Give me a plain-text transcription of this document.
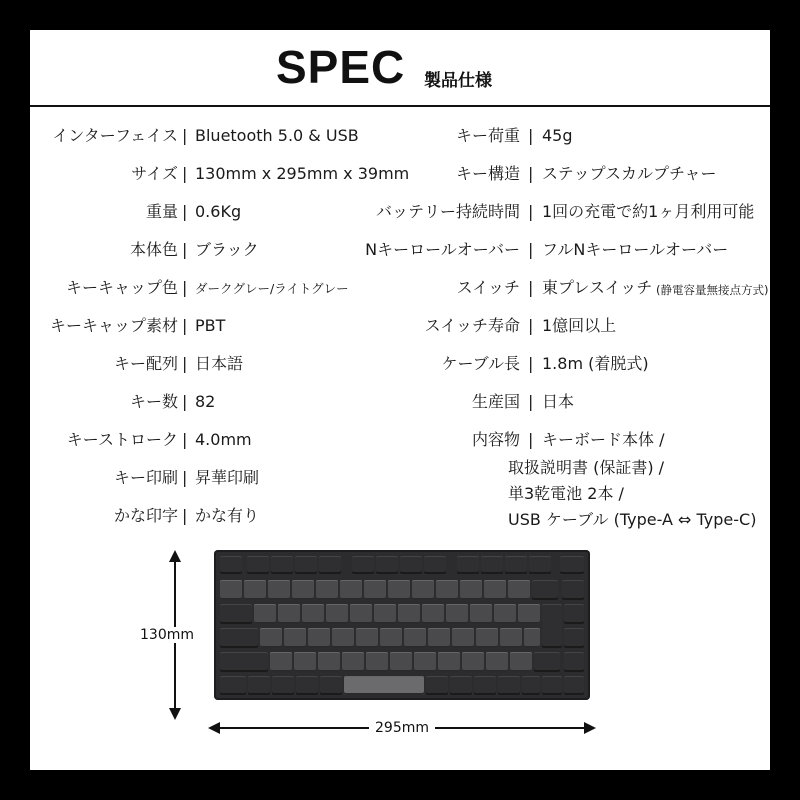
SPEC 製品仕様
インターフェイス | Bluetooth 5.0 & USB
サイズ | 130mm x 295mm x 39mm
重量 | 0.6Kg
本体色 | ブラック
キーキャップ色 | ダークグレー/ライトグレー
キーキャップ素材 | PBT
キー配列 | 日本語
キー数 | 82
キーストローク | 4.0mm
キー印刷 | 昇華印刷
かな印字 | かな有り
キー荷重 | 45g
キー構造 | ステップスカルプチャー
バッテリー持続時間 | 1回の充電で約1ヶ月利用可能
Nキーロールオーバー | フルNキーロールオーバー
スイッチ | 東プレスイッチ (静電容量無接点方式)
スイッチ寿命 | 1億回以上
ケーブル長 | 1.8m (着脱式)
生産国 | 日本
内容物 | キーボード本体 /
取扱説明書 (保証書) /
単3乾電池 2本 /
USB ケーブル (Type-A ⇔ Type-C)
130mm
295mm
